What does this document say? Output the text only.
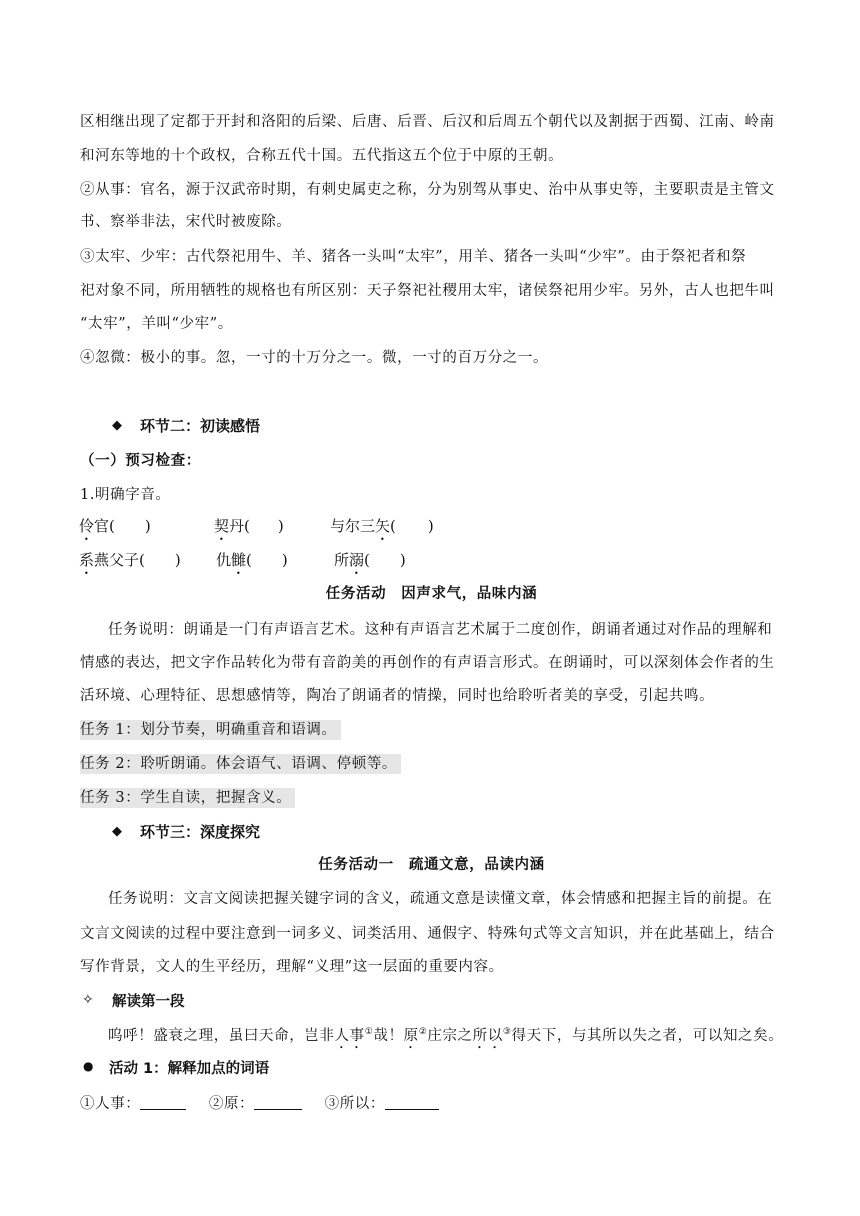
区相继出现了定都于开封和洛阳的后梁、后唐、后晋、后汉和后周五个朝代以及割据于西蜀、江南、岭南
和河东等地的十个政权，合称五代十国。五代指这五个位于中原的王朝。
②从事：官名，源于汉武帝时期，有刺史属吏之称，分为别驾从事史、治中从事史等，主要职责是主管文
书、察举非法，宋代时被废除。
③太牢、少牢：古代祭祀用牛、羊、猪各一头叫“太牢”，用羊、猪各一头叫“少牢”。由于祭祀者和祭
祀对象不同，所用牺牲的规格也有所区别：天子祭祀社稷用太牢，诸侯祭祀用少牢。另外，古人也把牛叫
“太牢”，羊叫“少牢”。
④忽微：极小的事。忽，一寸的十万分之一。微，一寸的百万分之一。
◆ 环节二：初读感悟
（一）预习检查：
1.明确字音。
伶官( )	契丹( )	与尔三矢( )
系燕父子( ) 仇雠( )	所溺( )
任务活动　因声求气，品味内涵
任务说明：朗诵是一门有声语言艺术。这种有声语言艺术属于二度创作，朗诵者通过对作品的理解和
情感的表达，把文字作品转化为带有音韵美的再创作的有声语言形式。在朗诵时，可以深刻体会作者的生
活环境、心理特征、思想感情等，陶冶了朗诵者的情操，同时也给聆听者美的享受，引起共鸣。
任务 1：划分节奏，明确重音和语调。
任务 2：聆听朗诵。体会语气、语调、停顿等。
任务 3：学生自读，把握含义。
◆ 环节三：深度探究
任务活动一　疏通文意，品读内涵
任务说明：文言文阅读把握关键字词的含义，疏通文意是读懂文章，体会情感和把握主旨的前提。在
文言文阅读的过程中要注意到一词多义、词类活用、通假字、特殊句式等文言知识，并在此基础上，结合
写作背景，文人的生平经历，理解“义理”这一层面的重要内容。
✧ 解读第一段
呜呼！盛衰之理，虽曰天命，岂非人事①哉！原②庄宗之所以③得天下，与其所以失之者，可以知之矣。
● 活动 1：解释加点的词语
①人事：	②原：	③所以：
